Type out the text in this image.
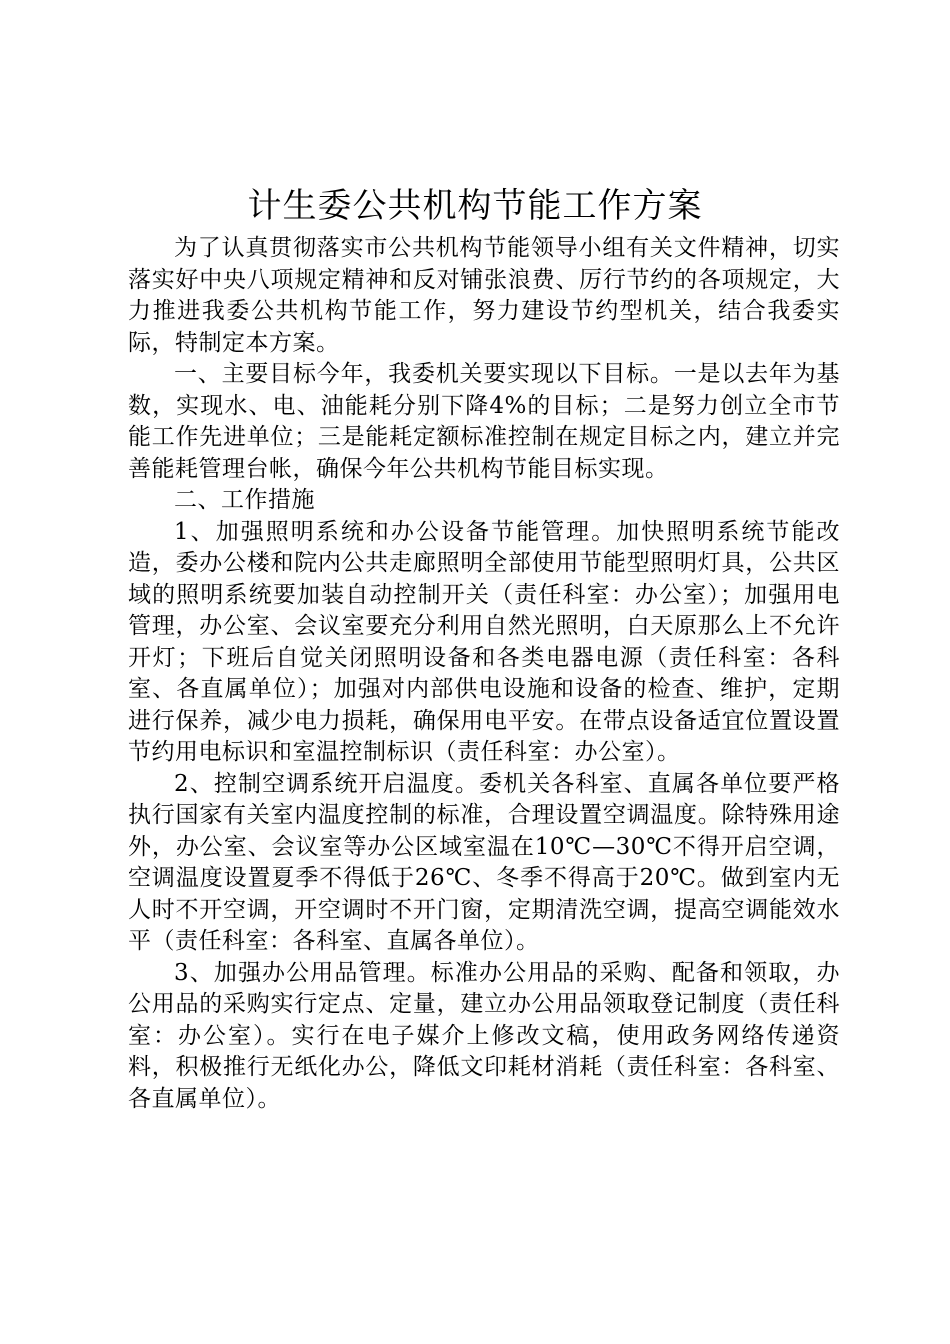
计生委公共机构节能工作方案

为了认真贯彻落实市公共机构节能领导小组有关文件精神，切实落实好中央八项规定精神和反对铺张浪费、厉行节约的各项规定，大力推进我委公共机构节能工作，努力建设节约型机关，结合我委实际，特制定本方案。

一、主要目标今年，我委机关要实现以下目标。一是以去年为基数，实现水、电、油能耗分别下降4%的目标；二是努力创立全市节能工作先进单位；三是能耗定额标准控制在规定目标之内，建立并完善能耗管理台帐，确保今年公共机构节能目标实现。

二、工作措施

1、加强照明系统和办公设备节能管理。加快照明系统节能改造，委办公楼和院内公共走廊照明全部使用节能型照明灯具，公共区域的照明系统要加装自动控制开关（责任科室：办公室）；加强用电管理，办公室、会议室要充分利用自然光照明，白天原那么上不允许开灯；下班后自觉关闭照明设备和各类电器电源（责任科室：各科室、各直属单位）；加强对内部供电设施和设备的检查、维护，定期进行保养，减少电力损耗，确保用电平安。在带点设备适宜位置设置节约用电标识和室温控制标识（责任科室：办公室）。

2、控制空调系统开启温度。委机关各科室、直属各单位要严格执行国家有关室内温度控制的标准，合理设置空调温度。除特殊用途外，办公室、会议室等办公区域室温在10℃—30℃不得开启空调，空调温度设置夏季不得低于26℃、冬季不得高于20℃。做到室内无人时不开空调，开空调时不开门窗，定期清洗空调，提高空调能效水平（责任科室：各科室、直属各单位）。

3、加强办公用品管理。标准办公用品的采购、配备和领取，办公用品的采购实行定点、定量，建立办公用品领取登记制度（责任科室：办公室）。实行在电子媒介上修改文稿，使用政务网络传递资料，积极推行无纸化办公，降低文印耗材消耗（责任科室：各科室、各直属单位）。
